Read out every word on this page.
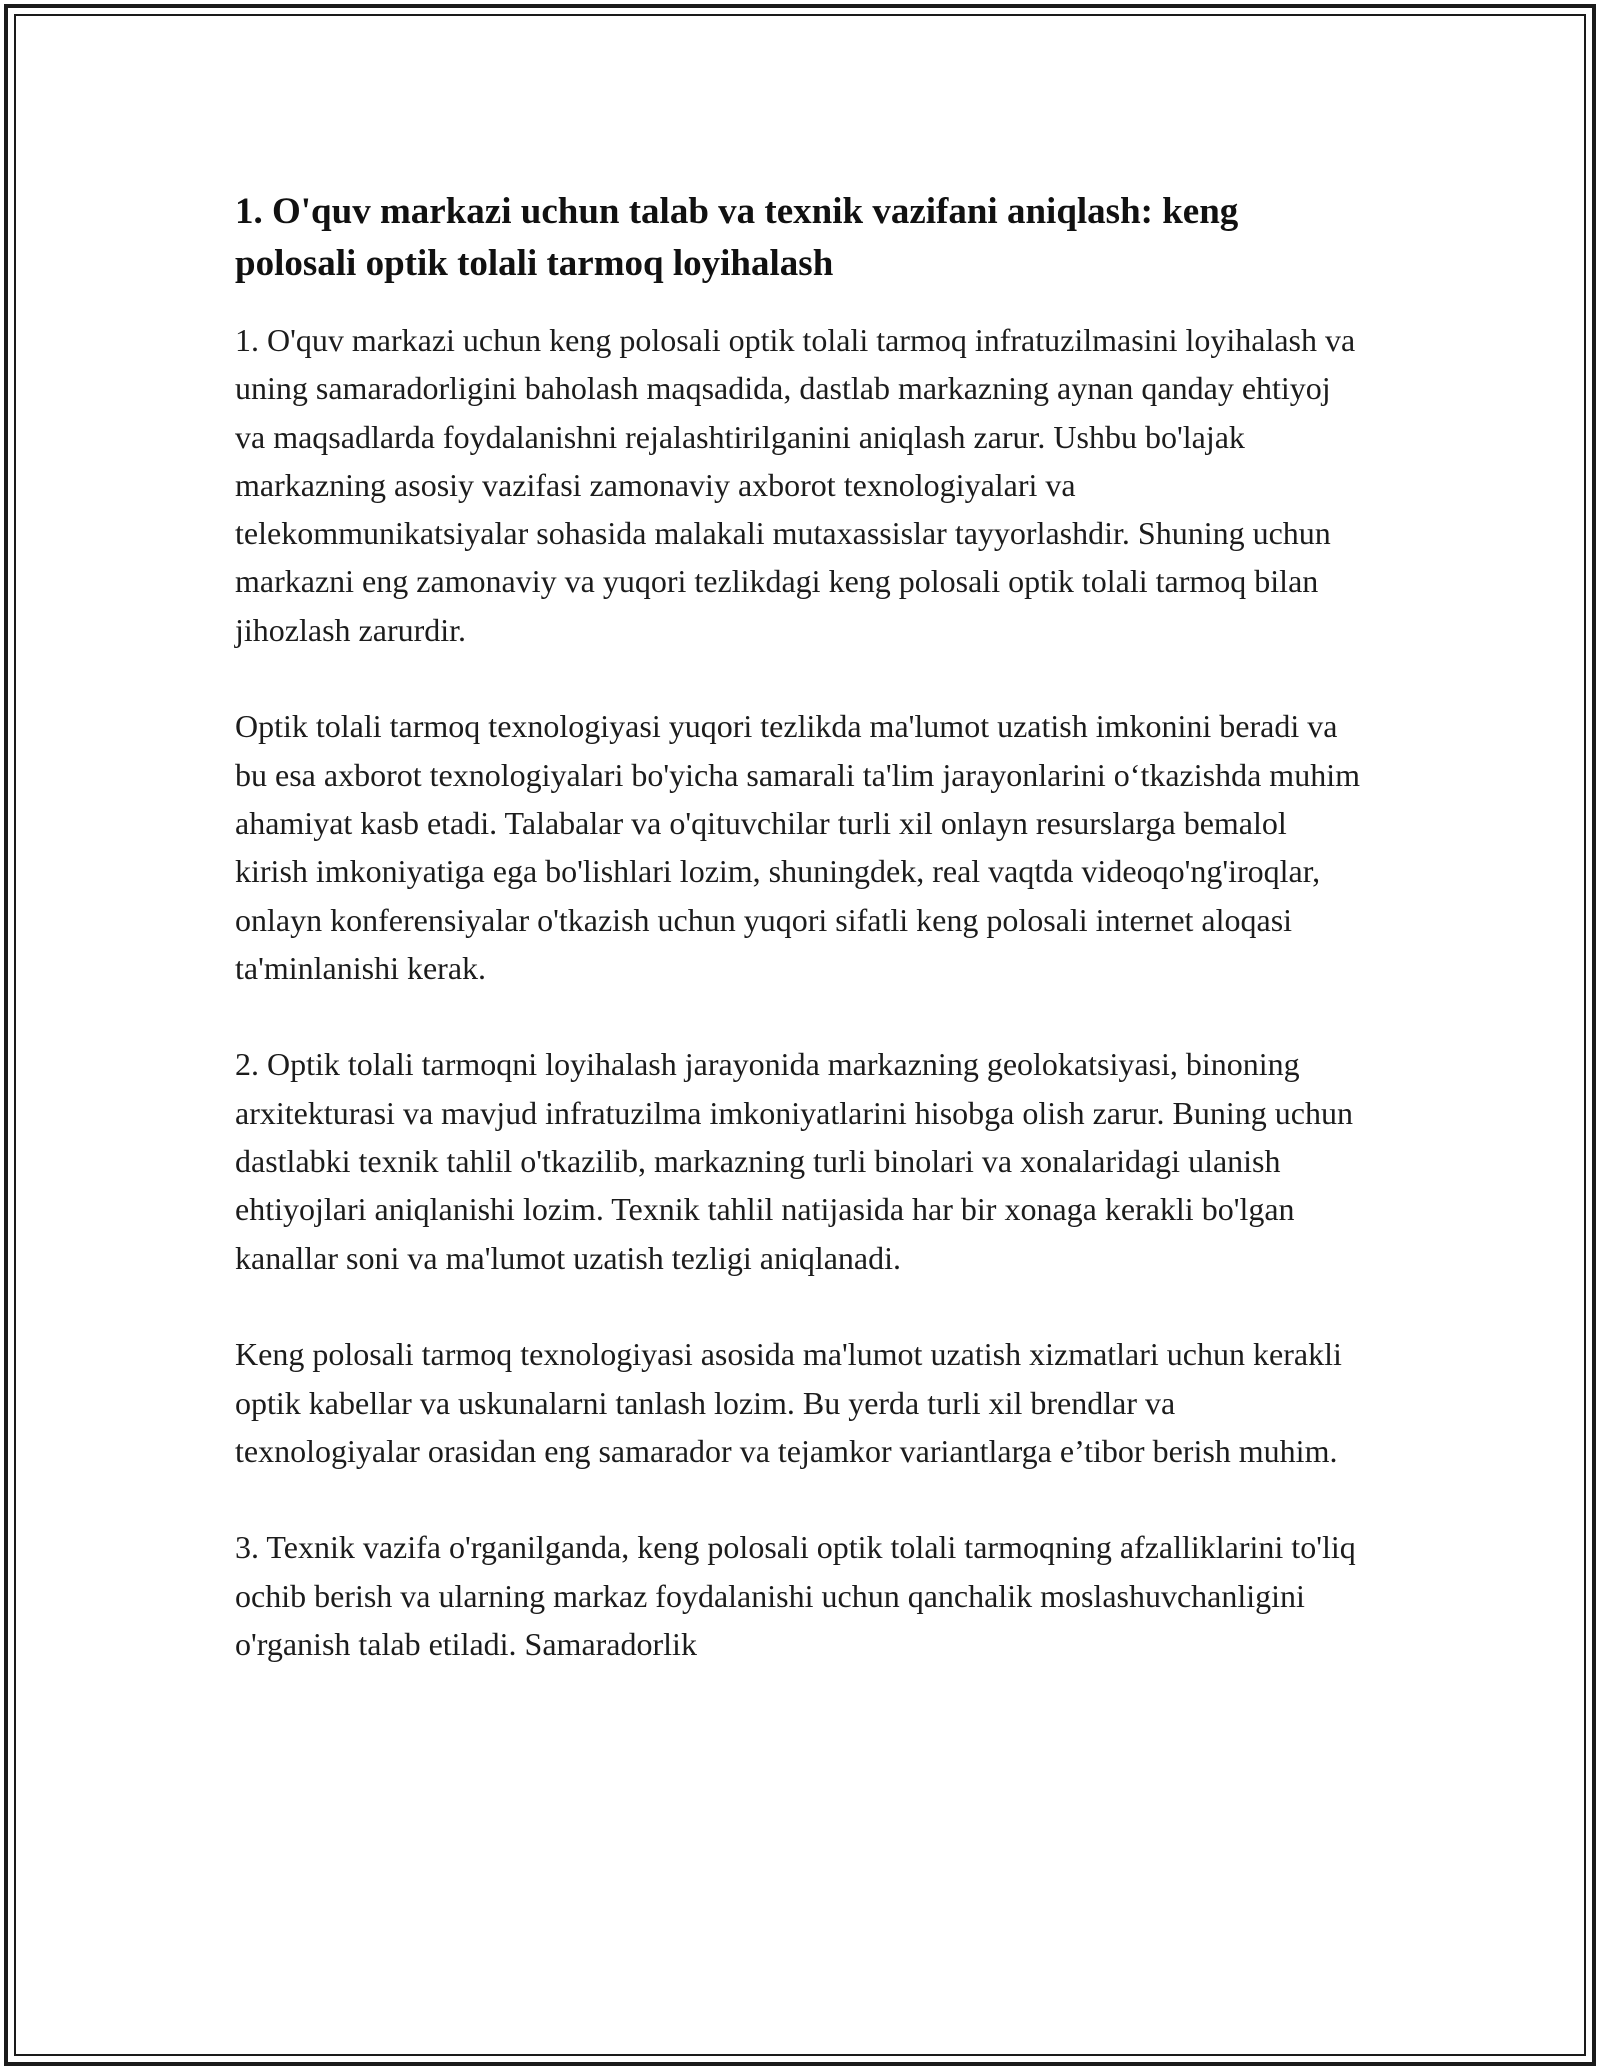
1. O'quv markazi uchun talab va texnik vazifani aniqlash: keng polosali optik tolali tarmoq loyihalash

1. O'quv markazi uchun keng polosali optik tolali tarmoq infratuzilmasini loyihalash va uning samaradorligini baholash maqsadida, dastlab markazning aynan qanday ehtiyoj va maqsadlarda foydalanishni rejalashtirilganini aniqlash zarur. Ushbu bo'lajak markazning asosiy vazifasi zamonaviy axborot texnologiyalari va telekommunikatsiyalar sohasida malakali mutaxassislar tayyorlashdir. Shuning uchun markazni eng zamonaviy va yuqori tezlikdagi keng polosali optik tolali tarmoq bilan jihozlash zarurdir.

Optik tolali tarmoq texnologiyasi yuqori tezlikda ma'lumot uzatish imkonini beradi va bu esa axborot texnologiyalari bo'yicha samarali ta'lim jarayonlarini o‘tkazishda muhim ahamiyat kasb etadi. Talabalar va o'qituvchilar turli xil onlayn resurslarga bemalol kirish imkoniyatiga ega bo'lishlari lozim, shuningdek, real vaqtda videoqo'ng'iroqlar, onlayn konferensiyalar o'tkazish uchun yuqori sifatli keng polosali internet aloqasi ta'minlanishi kerak.

2. Optik tolali tarmoqni loyihalash jarayonida markazning geolokatsiyasi, binoning arxitekturasi va mavjud infratuzilma imkoniyatlarini hisobga olish zarur. Buning uchun dastlabki texnik tahlil o'tkazilib, markazning turli binolari va xonalaridagi ulanish ehtiyojlari aniqlanishi lozim. Texnik tahlil natijasida har bir xonaga kerakli bo'lgan kanallar soni va ma'lumot uzatish tezligi aniqlanadi.

Keng polosali tarmoq texnologiyasi asosida ma'lumot uzatish xizmatlari uchun kerakli optik kabellar va uskunalarni tanlash lozim. Bu yerda turli xil brendlar va texnologiyalar orasidan eng samarador va tejamkor variantlarga e’tibor berish muhim.

3. Texnik vazifa o'rganilganda, keng polosali optik tolali tarmoqning afzalliklarini to'liq ochib berish va ularning markaz foydalanishi uchun qanchalik moslashuvchanligini o'rganish talab etiladi. Samaradorlik
